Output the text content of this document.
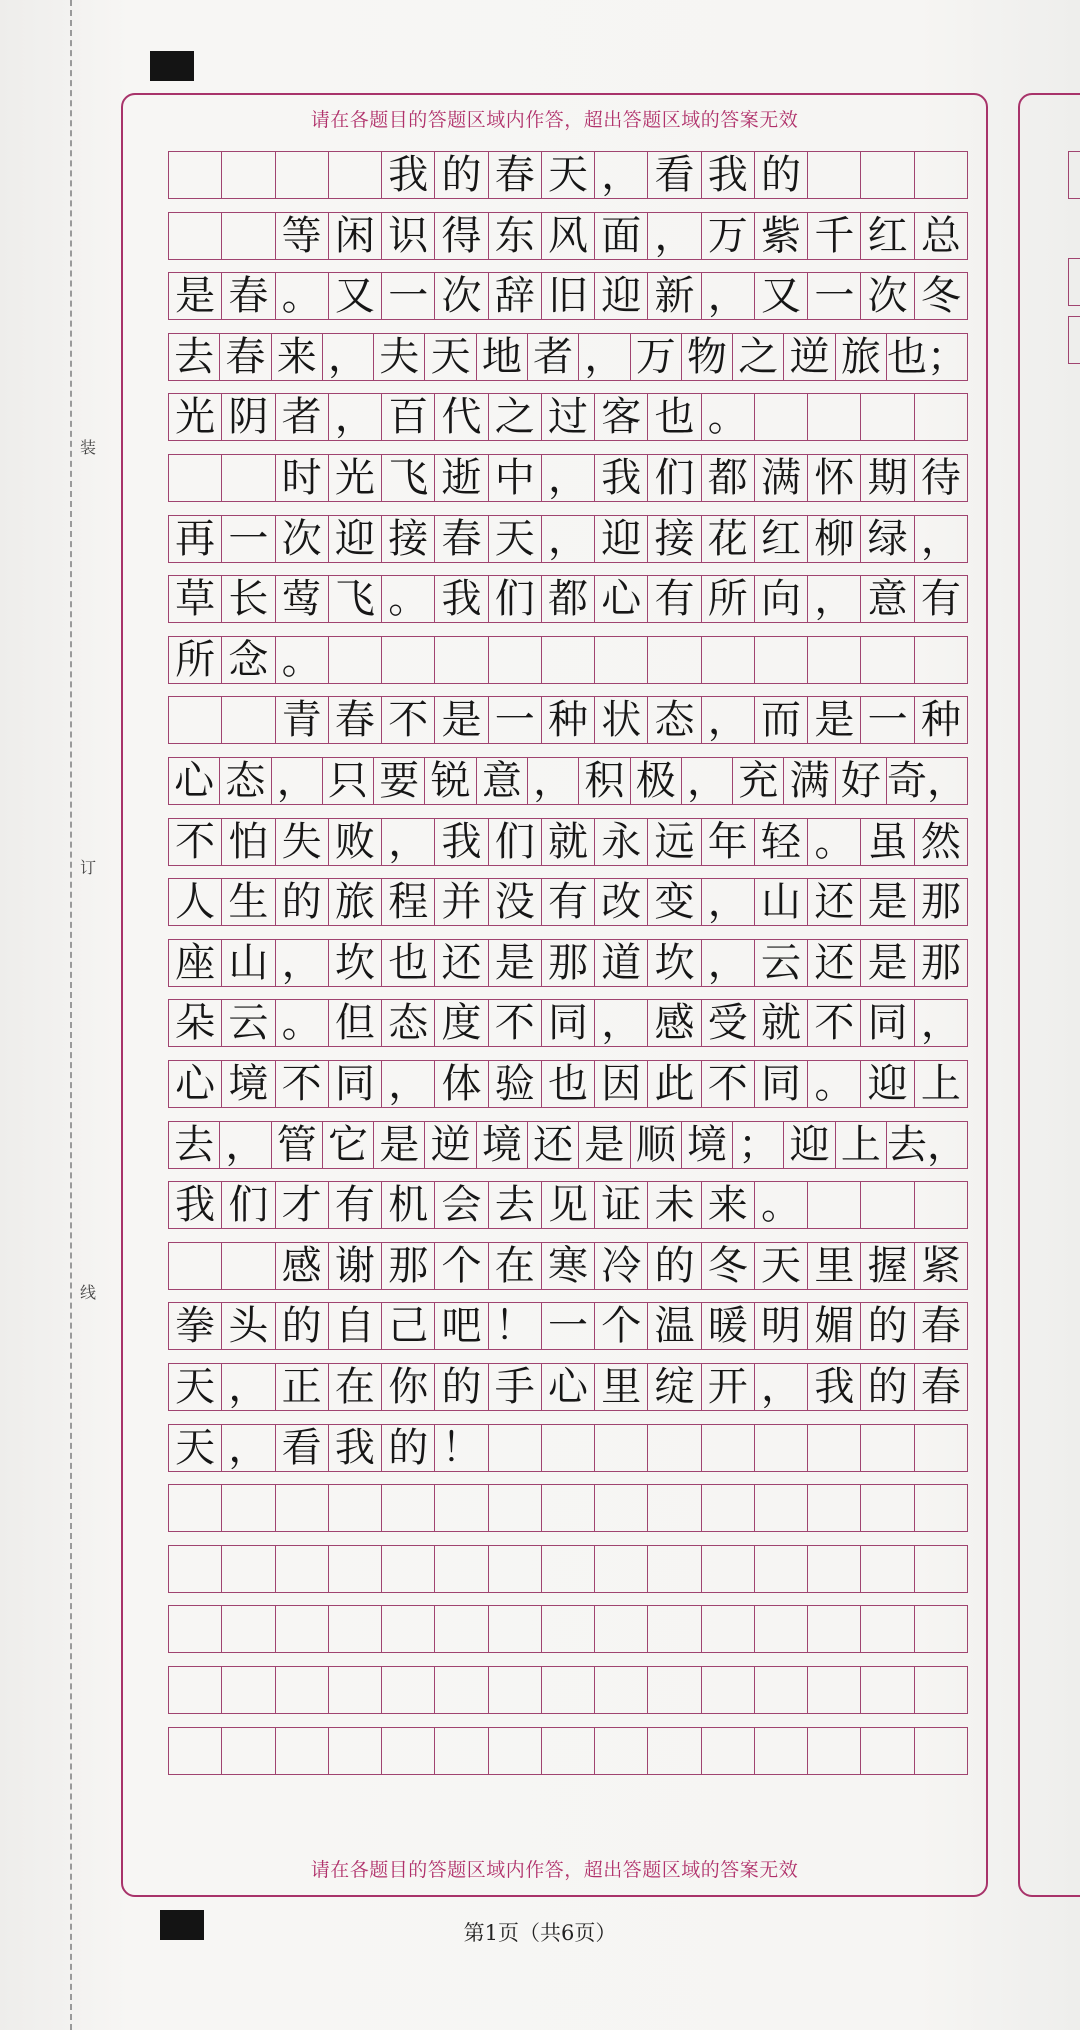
装
订
线
请在各题目的答题区域内作答，超出答题区域的答案无效
请在各题目的答题区域内作答，超出答题区域的答案无效
我 的 春 天 ， 看 我 的
等 闲 识 得 东 风 面 ， 万 紫 千 红 总
是 春 。 又 一 次 辞 旧 迎 新 ， 又 一 次 冬
去 春 来 ， 夫 天 地 者 ， 万 物 之 逆 旅 也；
光 阴 者 ， 百 代 之 过 客 也 。
时 光 飞 逝 中 ， 我 们 都 满 怀 期 待
再 一 次 迎 接 春 天 ， 迎 接 花 红 柳 绿 ，
草 长 莺 飞 。 我 们 都 心 有 所 向 ， 意 有
所 念 。
青 春 不 是 一 种 状 态 ， 而 是 一 种
心 态 ， 只 要 锐 意 ， 积 极 ， 充 满 好 奇，
不 怕 失 败 ， 我 们 就 永 远 年 轻 。 虽 然
人 生 的 旅 程 并 没 有 改 变 ， 山 还 是 那
座 山 ， 坎 也 还 是 那 道 坎 ， 云 还 是 那
朵 云 。 但 态 度 不 同 ， 感 受 就 不 同 ，
心 境 不 同 ， 体 验 也 因 此 不 同 。 迎 上
去 ， 管 它 是 逆 境 还 是 顺 境 ； 迎 上 去，
我 们 才 有 机 会 去 见 证 未 来 。
感 谢 那 个 在 寒 冷 的 冬 天 里 握 紧
拳 头 的 自 己 吧 ！ 一 个 温 暖 明 媚 的 春
天 ， 正 在 你 的 手 心 里 绽 开 ， 我 的 春
天 ， 看 我 的 ！
第1页（共6页）
